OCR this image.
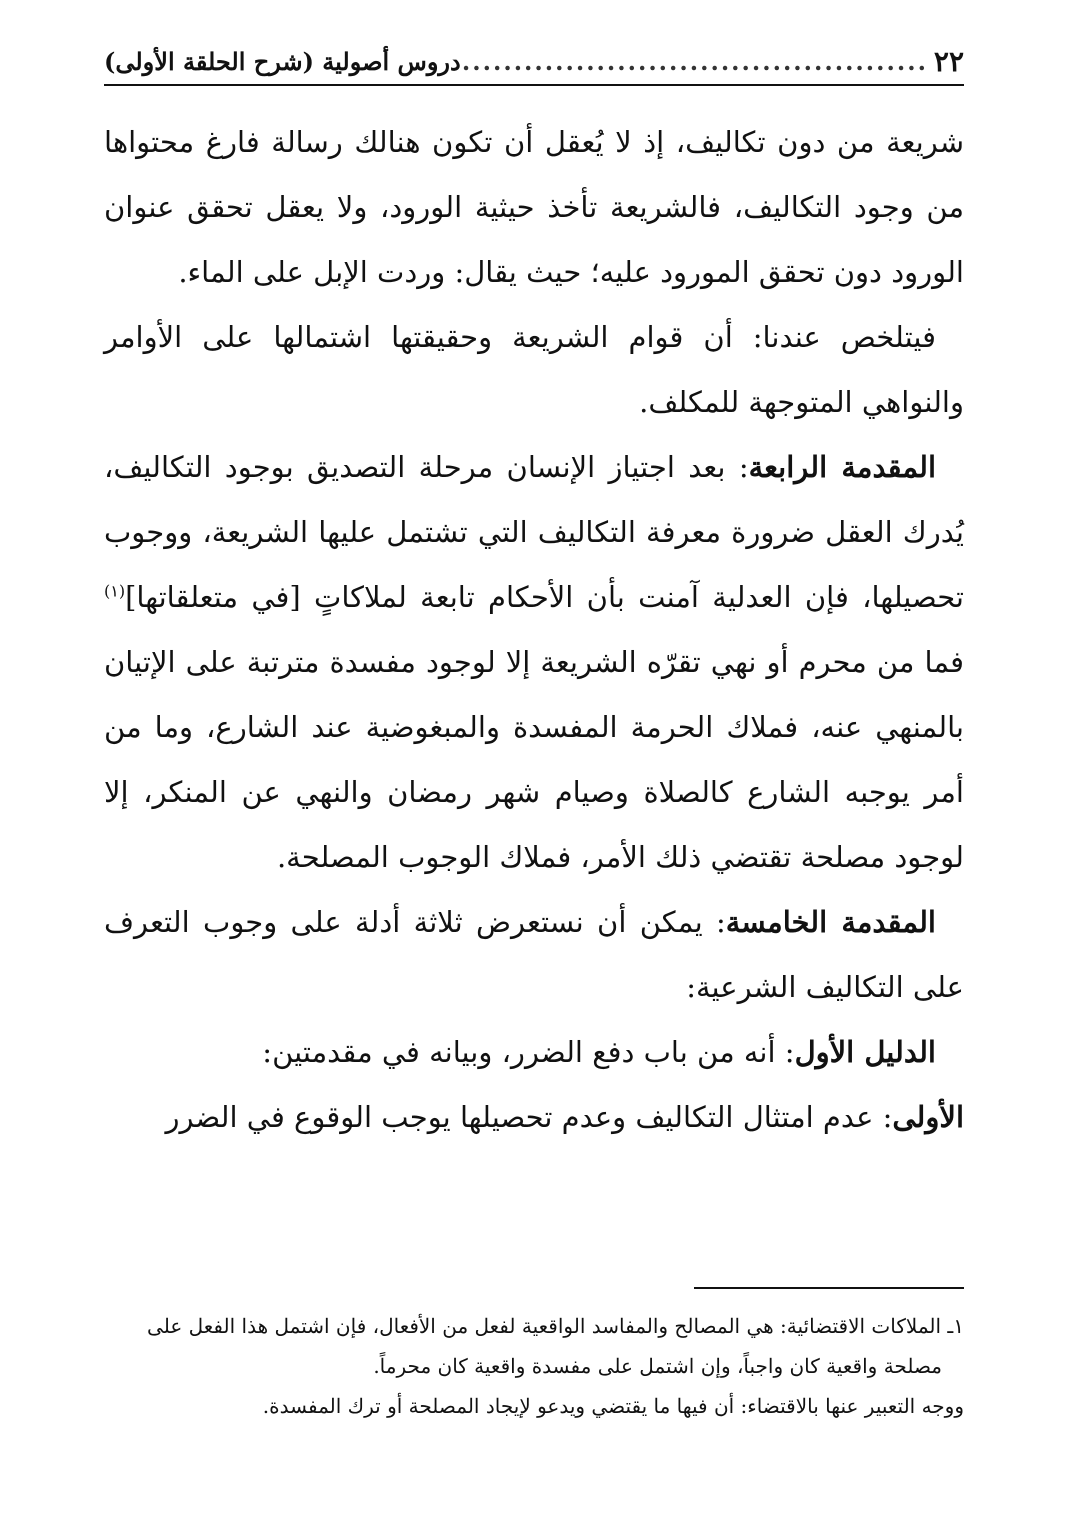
٢٢
.....
دروس أصولية (شرح الحلقة الأولى)

شريعة من دون تكاليف، إذ لا يُعقل أن تكون هنالك رسالة فارغ محتواها من وجود التكاليف، فالشريعة تأخذ حيثية الورود، ولا يعقل تحقق عنوان الورود دون تحقق المورود عليه؛ حيث يقال: وردت الإبل على الماء.

فيتلخص عندنا: أن قوام الشريعة وحقيقتها اشتمالها على الأوامر والنواهي المتوجهة للمكلف.

المقدمة الرابعة: بعد اجتياز الإنسان مرحلة التصديق بوجود التكاليف، يُدرك العقل ضرورة معرفة التكاليف التي تشتمل عليها الشريعة، ووجوب تحصيلها، فإن العدلية آمنت بأن الأحكام تابعة لملاكاتٍ [في متعلقاتها]$^{(١)}$ فما من محرم أو نهي تقرّه الشريعة إلا لوجود مفسدة مترتبة على الإتيان بالمنهي عنه، فملاك الحرمة المفسدة والمبغوضية عند الشارع، وما من أمر يوجبه الشارع كالصلاة وصيام شهر رمضان والنهي عن المنكر، إلا لوجود مصلحة تقتضي ذلك الأمر، فملاك الوجوب المصلحة.

المقدمة الخامسة: يمكن أن نستعرض ثلاثة أدلة على وجوب التعرف على التكاليف الشرعية:

الدليل الأول: أنه من باب دفع الضرر، وبيانه في مقدمتين:

الأولى: عدم امتثال التكاليف وعدم تحصيلها يوجب الوقوع في الضرر

١ـ الملاكات الاقتضائية: هي المصالح والمفاسد الواقعية لفعل من الأفعال، فإن اشتمل هذا الفعل على

مصلحة واقعية كان واجباً، وإن اشتمل على مفسدة واقعية كان محرماً.

ووجه التعبير عنها بالاقتضاء: أن فيها ما يقتضي ويدعو لإيجاد المصلحة أو ترك المفسدة.
